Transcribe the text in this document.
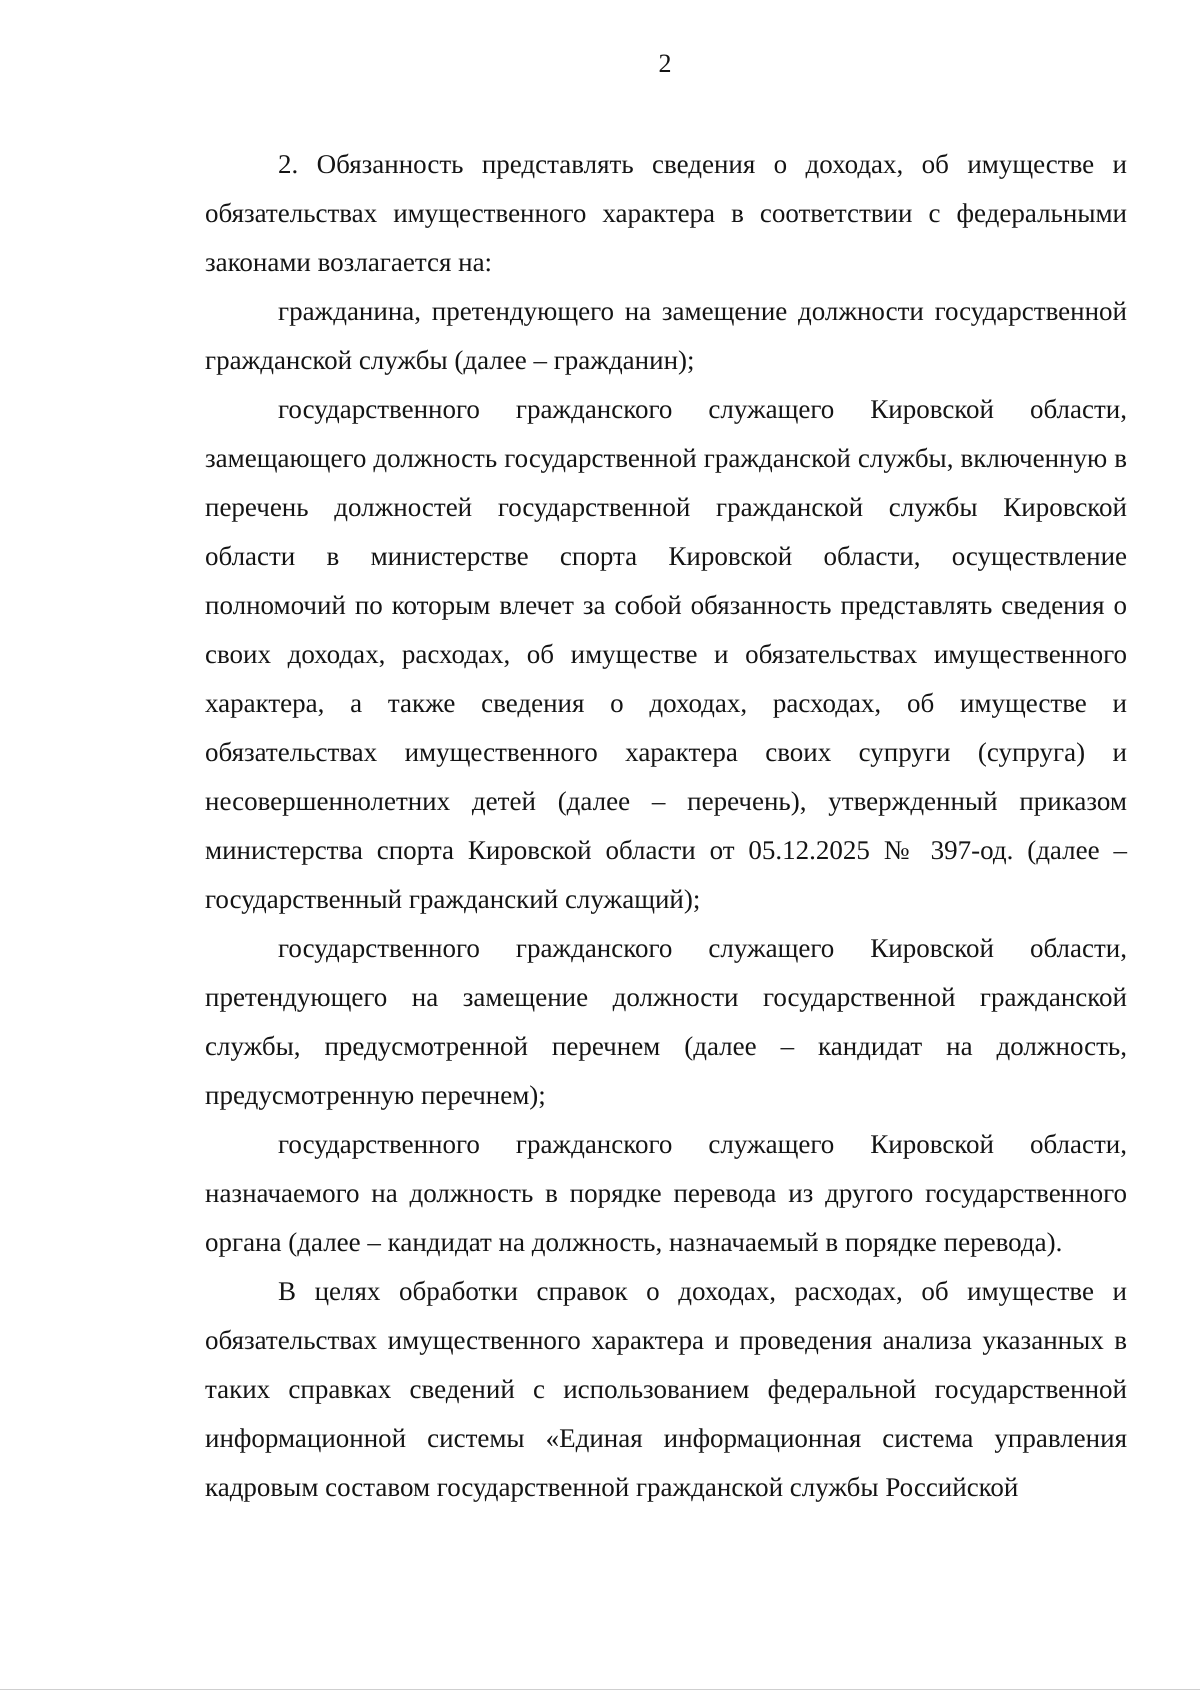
2

2. Обязанность представлять сведения о доходах, об имуществе и обязательствах имущественного характера в соответствии с федеральными законами возлагается на:

гражданина, претендующего на замещение должности государственной гражданской службы (далее – гражданин);

государственного гражданского служащего Кировской области, замещающего должность государственной гражданской службы, включенную в перечень должностей государственной гражданской службы Кировской области в министерстве спорта Кировской области, осуществление полномочий по которым влечет за собой обязанность представлять сведения о своих доходах, расходах, об имуществе и обязательствах имущественного характера, а также сведения о доходах, расходах, об имуществе и обязательствах имущественного характера своих супруги (супруга) и несовершеннолетних детей (далее – перечень), утвержденный приказом министерства спорта Кировской области от 05.12.2025 № 397-од. (далее – государственный гражданский служащий);

государственного гражданского служащего Кировской области, претендующего на замещение должности государственной гражданской службы, предусмотренной перечнем (далее – кандидат на должность, предусмотренную перечнем);

государственного гражданского служащего Кировской области, назначаемого на должность в порядке перевода из другого государственного органа (далее – кандидат на должность, назначаемый в порядке перевода).

В целях обработки справок о доходах, расходах, об имуществе и обязательствах имущественного характера и проведения анализа указанных в таких справках сведений с использованием федеральной государственной информационной системы «Единая информационная система управления кадровым составом государственной гражданской службы Российской
